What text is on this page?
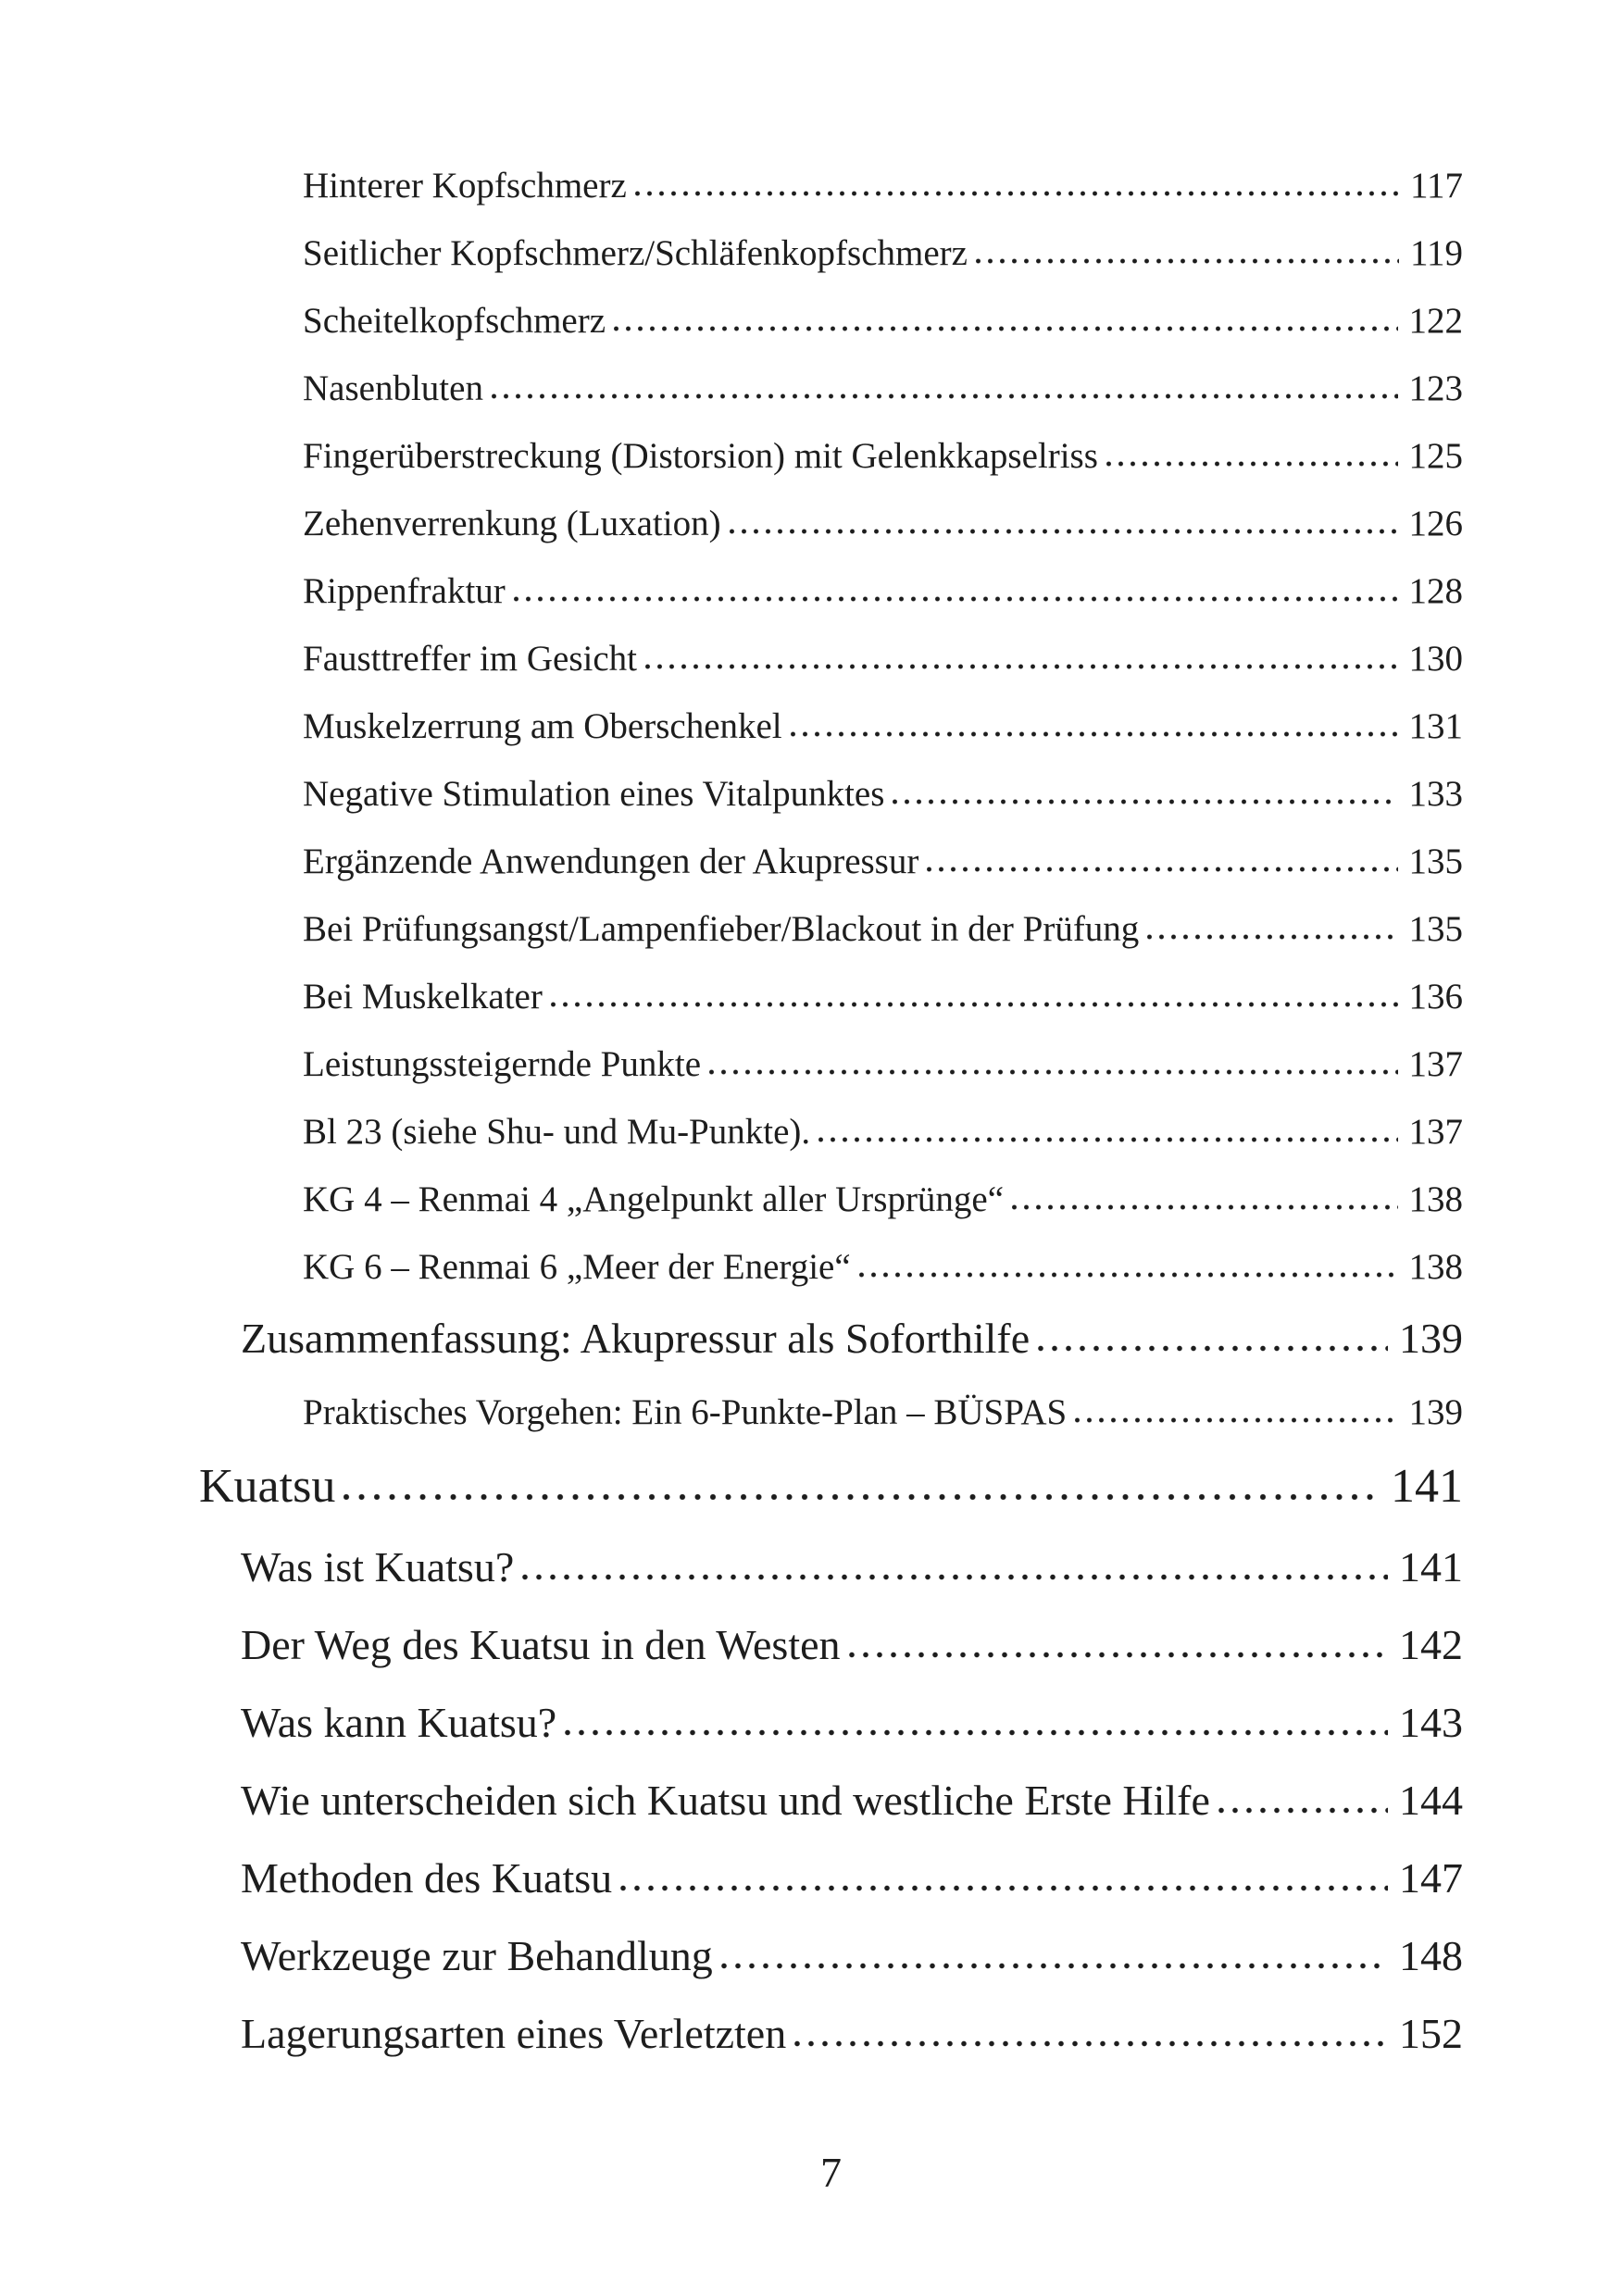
Hinterer Kopfschmerz	117
Seitlicher Kopfschmerz/Schläfenkopfschmerz	119
Scheitelkopfschmerz	122
Nasenbluten	123
Fingerüberstreckung (Distorsion) mit Gelenkkapselriss	125
Zehenverrenkung (Luxation)	126
Rippenfraktur	128
Fausttreffer im Gesicht	130
Muskelzerrung am Oberschenkel	131
Negative Stimulation eines Vitalpunktes	133
Ergänzende Anwendungen der Akupressur	135
Bei Prüfungsangst/Lampenfieber/Blackout in der Prüfung	135
Bei Muskelkater	136
Leistungssteigernde Punkte	137
Bl 23 (siehe Shu- und Mu-Punkte).	137
KG 4 – Renmai 4 „Angelpunkt aller Ursprünge“	138
KG 6 – Renmai 6 „Meer der Energie“	138
Zusammenfassung: Akupressur als Soforthilfe	139
Praktisches Vorgehen: Ein 6-Punkte-Plan – BÜSPAS	139
Kuatsu	141
Was ist Kuatsu?	141
Der Weg des Kuatsu in den Westen	142
Was kann Kuatsu?	143
Wie unterscheiden sich Kuatsu und westliche Erste Hilfe	144
Methoden des Kuatsu	147
Werkzeuge zur Behandlung	148
Lagerungsarten eines Verletzten	152
7
